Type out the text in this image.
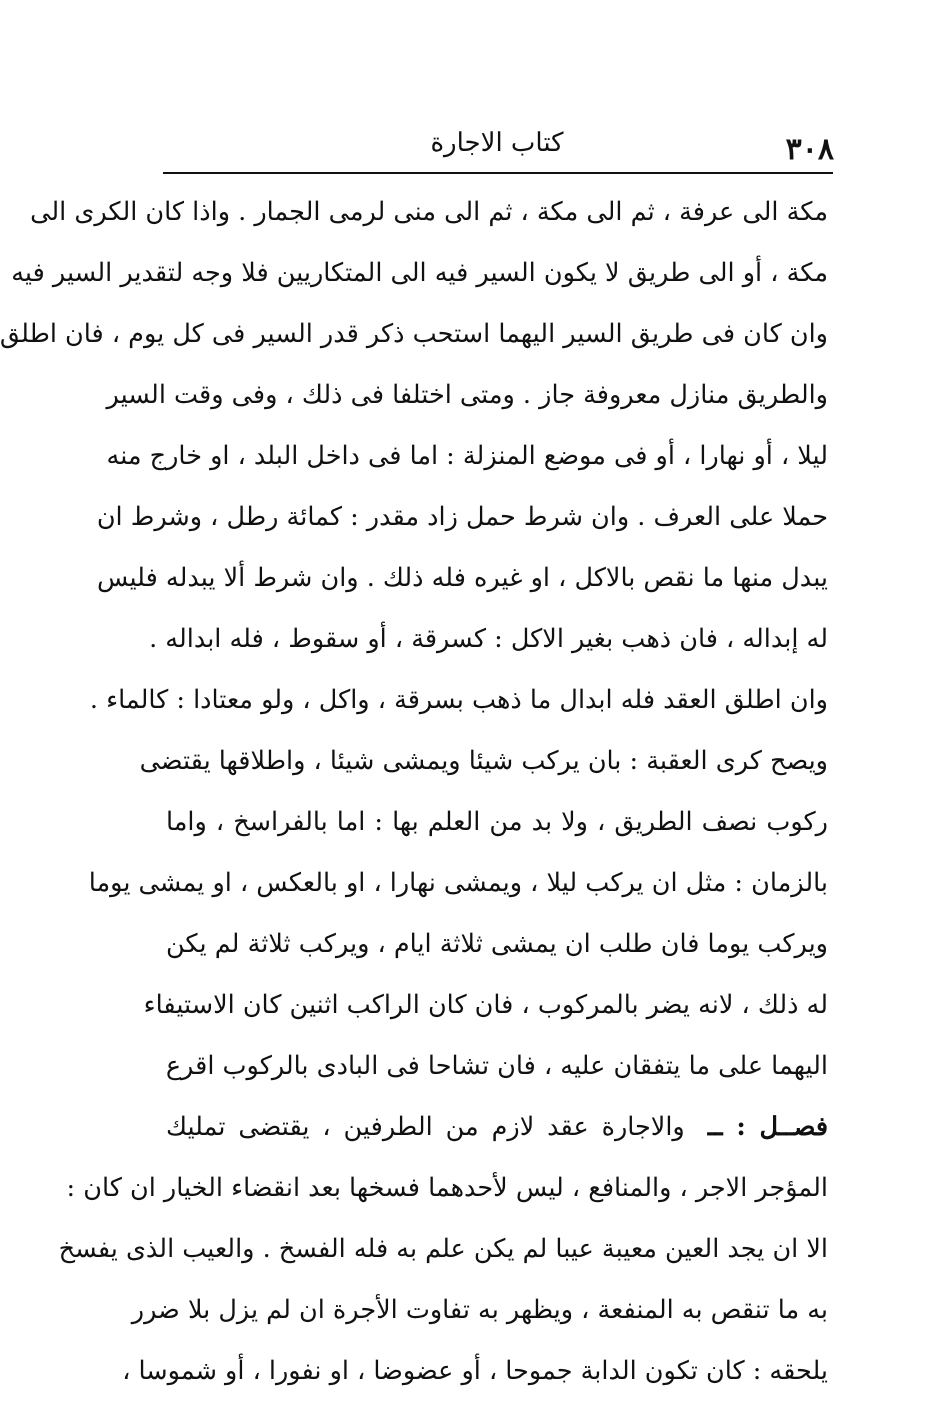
٣٠٨
كتاب الاجارة
مكة الى عرفة ، ثم الى مكة ، ثم الى منى لرمى الجمار . واذا كان الكرى الى
مكة ، أو الى طريق لا يكون السير فيه الى المتكاريين فلا وجه لتقدير السير فيه
وان كان فى طريق السير اليهما استحب ذكر قدر السير فى كل يوم ، فان اطلق
والطريق منازل معروفة جاز . ومتى اختلفا فى ذلك ، وفى وقت السير
ليلا ، أو نهارا ، أو فى موضع المنزلة : اما فى داخل البلد ، او خارج منه
حملا على العرف . وان شرط حمل زاد مقدر : كمائة رطل ، وشرط ان
يبدل منها ما نقص بالاكل ، او غيره فله ذلك . وان شرط ألا يبدله فليس
له إبداله ، فان ذهب بغير الاكل : كسرقة ، أو سقوط ، فله ابداله .
وان اطلق العقد فله ابدال ما ذهب بسرقة ، واكل ، ولو معتادا : كالماء .
ويصح كرى العقبة : بان يركب شيئا ويمشى شيئا ، واطلاقها يقتضى
ركوب نصف الطريق ، ولا بد من العلم بها : اما بالفراسخ ، واما
بالزمان : مثل ان يركب ليلا ، ويمشى نهارا ، او بالعكس ، او يمشى يوما
ويركب يوما فان طلب ان يمشى ثلاثة ايام ، ويركب ثلاثة لم يكن
له ذلك ، لانه يضر بالمركوب ، فان كان الراكب اثنين كان الاستيفاء
اليهما على ما يتفقان عليه ، فان تشاحا فى البادى بالركوب اقرع
فصــل : ــ والاجارة عقد لازم من الطرفين ، يقتضى تمليك
المؤجر الاجر ، والمنافع ، ليس لأحدهما فسخها بعد انقضاء الخيار ان كان :
الا ان يجد العين معيبة عيبا لم يكن علم به فله الفسخ . والعيب الذى يفسخ
به ما تنقص به المنفعة ، ويظهر به تفاوت الأجرة ان لم يزل بلا ضرر
يلحقه : كان تكون الدابة جموحا ، أو عضوضا ، او نفورا ، أو شموسا ،
